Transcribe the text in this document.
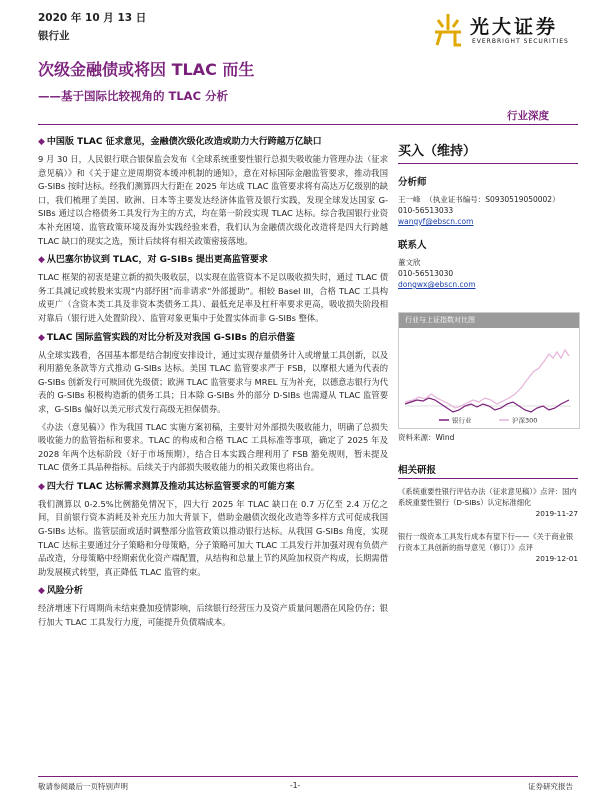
2020 年 10 月 13 日
银行业	光大证券
EVERBRIGHT SECURITIES
次级金融债或将因 TLAC 而生
——基于国际比较视角的 TLAC 分析
行业深度
◆ 中国版 TLAC 征求意见，金融债次级化改造或助力大行跨越万亿缺口

9 月 30 日，人民银行联合银保监会发布《全球系统重要性银行总损失吸收能力管理办法（征求意见稿）》和《关于建立逆周期资本缓冲机制的通知》，意在对标国际金融监管要求，推动我国 G-SIBs 按时达标。经我们测算四大行距在 2025 年达成 TLAC 监管要求将有高达万亿级别的缺口，我们梳理了美国、欧洲、日本等主要发达经济体监管及银行实践，发现全球发达国家 G-SIBs 通过以合格债务工具发行为主的方式，均在第一阶段实现 TLAC 达标。综合我国银行业资本补充困境、监管政策环境及海外实践经验来看，我们认为金融债次级化改造将是四大行跨越 TLAC 缺口的现实之选，预计后续将有相关政策密接落地。

◆ 从巴塞尔协议到 TLAC，对 G-SIBs 提出更高监管要求

TLAC 框架的初衷是建立新的损失吸收层，以实现在监管资本不足以吸收损失时，通过 TLAC 债务工具减记或转股来实现“内部纾困”而非请求“外部援助”。相较 Basel III，合格 TLAC 工具构成更广（含资本类工具及非资本类债务工具）、最低充足率及杠杆率要求更高，吸收损失阶段相对靠后（银行进入处置阶段）、监管对象更集中于处置实体而非 G-SIBs 整体。

◆ TLAC 国际监管实践的对比分析及对我国 G-SIBs 的启示借鉴

从全球实践看，各国基本都是结合制度安排设计，通过实现存量债务计入或增量工具创新，以及利用豁免条款等方式推动 G-SIBs 达标。美国 TLAC 监管要求严于 FSB，以摩根大通为代表的 G-SIBs 创新发行可赎回优先级债；欧洲 TLAC 监管要求与 MREL 互为补充，以德意志银行为代表的 G-SIBs 积极构造新的债务工具；日本除 G-SIBs 外的部分 D-SIBs 也需遵从 TLAC 监管要求，G-SIBs 偏好以美元形式发行高级无担保债券。

《办法（意见稿）》作为我国 TLAC 实施方案初稿，主要针对外部损失吸收能力，明确了总损失吸收能力的监管指标和要求。TLAC 的构成和合格 TLAC 工具标准等事项，确定了 2025 年及 2028 年两个达标阶段（好于市场预期），结合日本实践合理利用了 FSB 豁免规则，暂未提及 TLAC 债务工具品种指标。后续关于内部损失吸收能力的相关政策也将出台。

◆ 四大行 TLAC 达标需求测算及推动其达标监管要求的可能方案

我们测算以 0-2.5%比例豁免情况下，四大行 2025 年 TLAC 缺口在 0.7 万亿至 2.4 万亿之间，目前银行资本消耗及补充压力加大背景下，借助金融债次级化改造等多样方式可促成我国 G-SIBs 达标。监管层面或适时调整部分监管政策以推动银行达标。从我国 G-SIBs 角度，实现 TLAC 达标主要通过分子策略和分母策略，分子策略可加大 TLAC 工具发行并加强对现有负债产品改造，分母策略中经期索优化资产端配置，从结构和总量上节约风险加权资产构成，长期需借助发展模式转型，真正降低 TLAC 监管约束。

◆ 风险分析

经济增速下行周期尚未结束叠加疫情影响，后续银行经营压力及资产质量问题潜在风险仍存；银行加大 TLAC 工具发行力度，可能提升负债端成本。

买入（维持）
分析师
王一峰 （执业证书编号：S0930519050002）
010-56513033
wangyf@ebscn.com
联系人
董文欣
010-56513030
dongwx@ebscn.com
行业与上证指数对比图
银行业	沪深300
资料来源：Wind
相关研报
《系统重要性银行评估办法（征求意见稿）》点评：国内系统重要性银行（D-SIBs）认定标准细化
2019-11-27
银行一级资本工具发行成本有望下行——《关于商业银行资本工具创新的指导意见（修订）》点评
2019-12-01
敬请参阅最后一页特别声明	-1-	证券研究报告
